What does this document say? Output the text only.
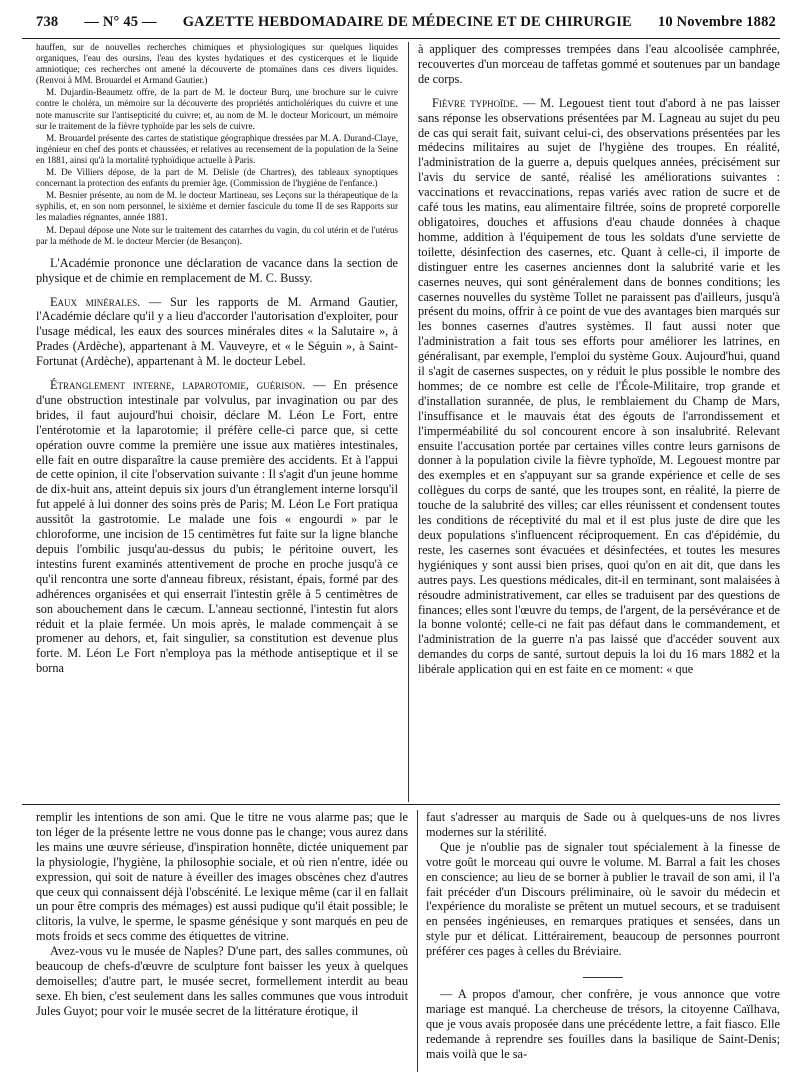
738 — N° 45 — GAZETTE HEBDOMADAIRE DE MÉDECINE ET DE CHIRURGIE 10 Novembre 1882

hauffen, sur de nouvelles recherches chimiques et physiologiques sur quelques liquides organiques, l'eau des oursins, l'eau des kystes hydatiques et des cysticerques et le liquide amniotique; ces recherches ont amené la découverte de ptomaïnes dans ces divers liquides. (Renvoi à MM. Brouardel et Armand Gautier.)

M. Dujardin-Beaumetz offre, de la part de M. le docteur Burq, une brochure sur le cuivre contre le choléra, un mémoire sur la découverte des propriétés anticholériques du cuivre et une note manuscrite sur l'antisepticité du cuivre; et, au nom de M. le docteur Moricourt, un mémoire sur le traitement de la fièvre typhoïde par les sels de cuivre.

M. Brouardel présente des cartes de statistique géographique dressées par M. A. Durand-Claye, ingénieur en chef des ponts et chaussées, et relatives au recensement de la population de la Seine en 1881, ainsi qu'à la mortalité typhoïdique actuelle à Paris.

M. De Villiers dépose, de la part de M. Delisle (de Chartres), des tableaux synoptiques concernant la protection des enfants du premier âge. (Commission de l'hygiène de l'enfance.)

M. Besnier présente, au nom de M. le docteur Martineau, ses Leçons sur la thérapeutique de la syphilis, et, en son nom personnel, le sixième et dernier fascicule du tome II de ses Rapports sur les maladies régnantes, année 1881.

M. Depaul dépose une Note sur le traitement des catarrhes du vagin, du col utérin et de l'utérus par la méthode de M. le docteur Mercier (de Besançon).

L'Académie prononce une déclaration de vacance dans la section de physique et de chimie en remplacement de M. C. Bussy.

Eaux minérales. — Sur les rapports de M. Armand Gautier, l'Académie déclare qu'il y a lieu d'accorder l'autorisation d'exploiter, pour l'usage médical, les eaux des sources minérales dites « la Salutaire », à Prades (Ardèche), appartenant à M. Vauveyre, et « le Séguin », à Saint-Fortunat (Ardèche), appartenant à M. le docteur Lebel.

Étranglement interne, laparotomie, guérison. — En présence d'une obstruction intestinale par volvulus, par invagination ou par des brides, il faut aujourd'hui choisir, déclare M. Léon Le Fort, entre l'entérotomie et la laparotomie; il préfère celle-ci parce que, si cette opération ouvre comme la première une issue aux matières intestinales, elle fait en outre disparaître la cause première des accidents. Et à l'appui de cette opinion, il cite l'observation suivante : Il s'agit d'un jeune homme de dix-huit ans, atteint depuis six jours d'un étranglement interne lorsqu'il fut appelé à lui donner des soins près de Paris; M. Léon Le Fort pratiqua aussitôt la gastrotomie. Le malade une fois « engourdi » par le chloroforme, une incision de 15 centimètres fut faite sur la ligne blanche depuis l'ombilic jusqu'au-dessus du pubis; le péritoine ouvert, les intestins furent examinés attentivement de proche en proche jusqu'à ce qu'il rencontra une sorte d'anneau fibreux, résistant, épais, formé par des adhérences organisées et qui enserrait l'intestin grêle à 5 centimètres de son abouchement dans le cæcum. L'anneau sectionné, l'intestin fut alors réduit et la plaie fermée. Un mois après, le malade commençait à se promener au dehors, et, fait singulier, sa constitution est devenue plus forte. M. Léon Le Fort n'employa pas la méthode antiseptique et il se borna

à appliquer des compresses trempées dans l'eau alcoolisée camphrée, recouvertes d'un morceau de taffetas gommé et soutenues par un bandage de corps.

Fièvre typhoïde. — M. Legouest tient tout d'abord à ne pas laisser sans réponse les observations présentées par M. Lagneau au sujet du peu de cas qui serait fait, suivant celui-ci, des observations présentées par les médecins militaires au sujet de l'hygiène des troupes. En réalité, l'administration de la guerre a, depuis quelques années, précisément sur l'avis du service de santé, réalisé les améliorations suivantes : vaccinations et revaccinations, repas variés avec ration de sucre et de café tous les matins, eau alimentaire filtrée, soins de propreté corporelle obligatoires, douches et affusions d'eau chaude données à chaque homme, addition à l'équipement de tous les soldats d'une serviette de toilette, désinfection des casernes, etc. Quant à celle-ci, il importe de distinguer entre les casernes anciennes dont la salubrité varie et les casernes neuves, qui sont généralement dans de bonnes conditions; les casernes nouvelles du système Tollet ne paraissent pas d'ailleurs, jusqu'à présent du moins, offrir à ce point de vue des avantages bien marqués sur les bonnes casernes d'autres systèmes. Il faut aussi noter que l'administration a fait tous ses efforts pour améliorer les latrines, en généralisant, par exemple, l'emploi du système Goux. Aujourd'hui, quand il s'agit de casernes suspectes, on y réduit le plus possible le nombre des hommes; de ce nombre est celle de l'École-Militaire, trop grande et d'installation surannée, de plus, le remblaiement du Champ de Mars, l'insuffisance et le mauvais état des égouts de l'arrondissement et l'imperméabilité du sol concourent encore à son insalubrité. Relevant ensuite l'accusation portée par certaines villes contre leurs garnisons de donner à la population civile la fièvre typhoïde, M. Legouest montre par des exemples et en s'appuyant sur sa grande expérience et celle de ses collègues du corps de santé, que les troupes sont, en réalité, la pierre de touche de la salubrité des villes; car elles réunissent et condensent toutes les conditions de réceptivité du mal et il est plus juste de dire que les deux populations s'influencent réciproquement. En cas d'épidémie, du reste, les casernes sont évacuées et désinfectées, et toutes les mesures hygiéniques y sont aussi bien prises, quoi qu'on en ait dit, que dans les autres pays. Les questions médicales, dit-il en terminant, sont malaisées à résoudre administrativement, car elles se traduisent par des questions de finances; elles sont l'œuvre du temps, de l'argent, de la persévérance et de la bonne volonté; celle-ci ne fait pas défaut dans le commandement, et l'administration de la guerre n'a pas laissé que d'accéder souvent aux demandes du corps de santé, surtout depuis la loi du 16 mars 1882 et la libérale application qui en est faite en ce moment: « que

remplir les intentions de son ami. Que le titre ne vous alarme pas; que le ton léger de la présente lettre ne vous donne pas le change; vous aurez dans les mains une œuvre sérieuse, d'inspiration honnête, dictée uniquement par la physiologie, l'hygiène, la philosophie sociale, et où rien n'entre, idée ou expression, qui soit de nature à éveiller des images obscènes chez d'autres que ceux qui connaissent déjà l'obscénité. Le lexique même (car il en fallait un pour être compris des mémages) est aussi pudique qu'il était possible; le clitoris, la vulve, le sperme, le spasme génésique y sont marqués en peu de mots froids et secs comme des étiquettes de vitrine.

Avez-vous vu le musée de Naples? D'une part, des salles communes, où beaucoup de chefs-d'œuvre de sculpture font baisser les yeux à quelques demoiselles; d'autre part, le musée secret, formellement interdit au beau sexe. Eh bien, c'est seulement dans les salles communes que vous introduit Jules Guyot; pour voir le musée secret de la littérature érotique, il

faut s'adresser au marquis de Sade ou à quelques-uns de nos livres modernes sur la stérilité.

Que je n'oublie pas de signaler tout spécialement à la finesse de votre goût le morceau qui ouvre le volume. M. Barral a fait les choses en conscience; au lieu de se borner à publier le travail de son ami, il l'a fait précéder d'un Discours préliminaire, où le savoir du médecin et l'expérience du moraliste se prêtent un mutuel secours, et se traduisent en pensées ingénieuses, en remarques pratiques et sensées, dans un style pur et délicat. Littérairement, beaucoup de personnes pourront préférer ces pages à celles du Bréviaire.

— A propos d'amour, cher confrère, je vous annonce que votre mariage est manqué. La chercheuse de trésors, la citoyenne Caïlhava, que je vous avais proposée dans une précédente lettre, a fait fiasco. Elle redemande à reprendre ses fouilles dans la basilique de Saint-Denis; mais voilà que le sa-
